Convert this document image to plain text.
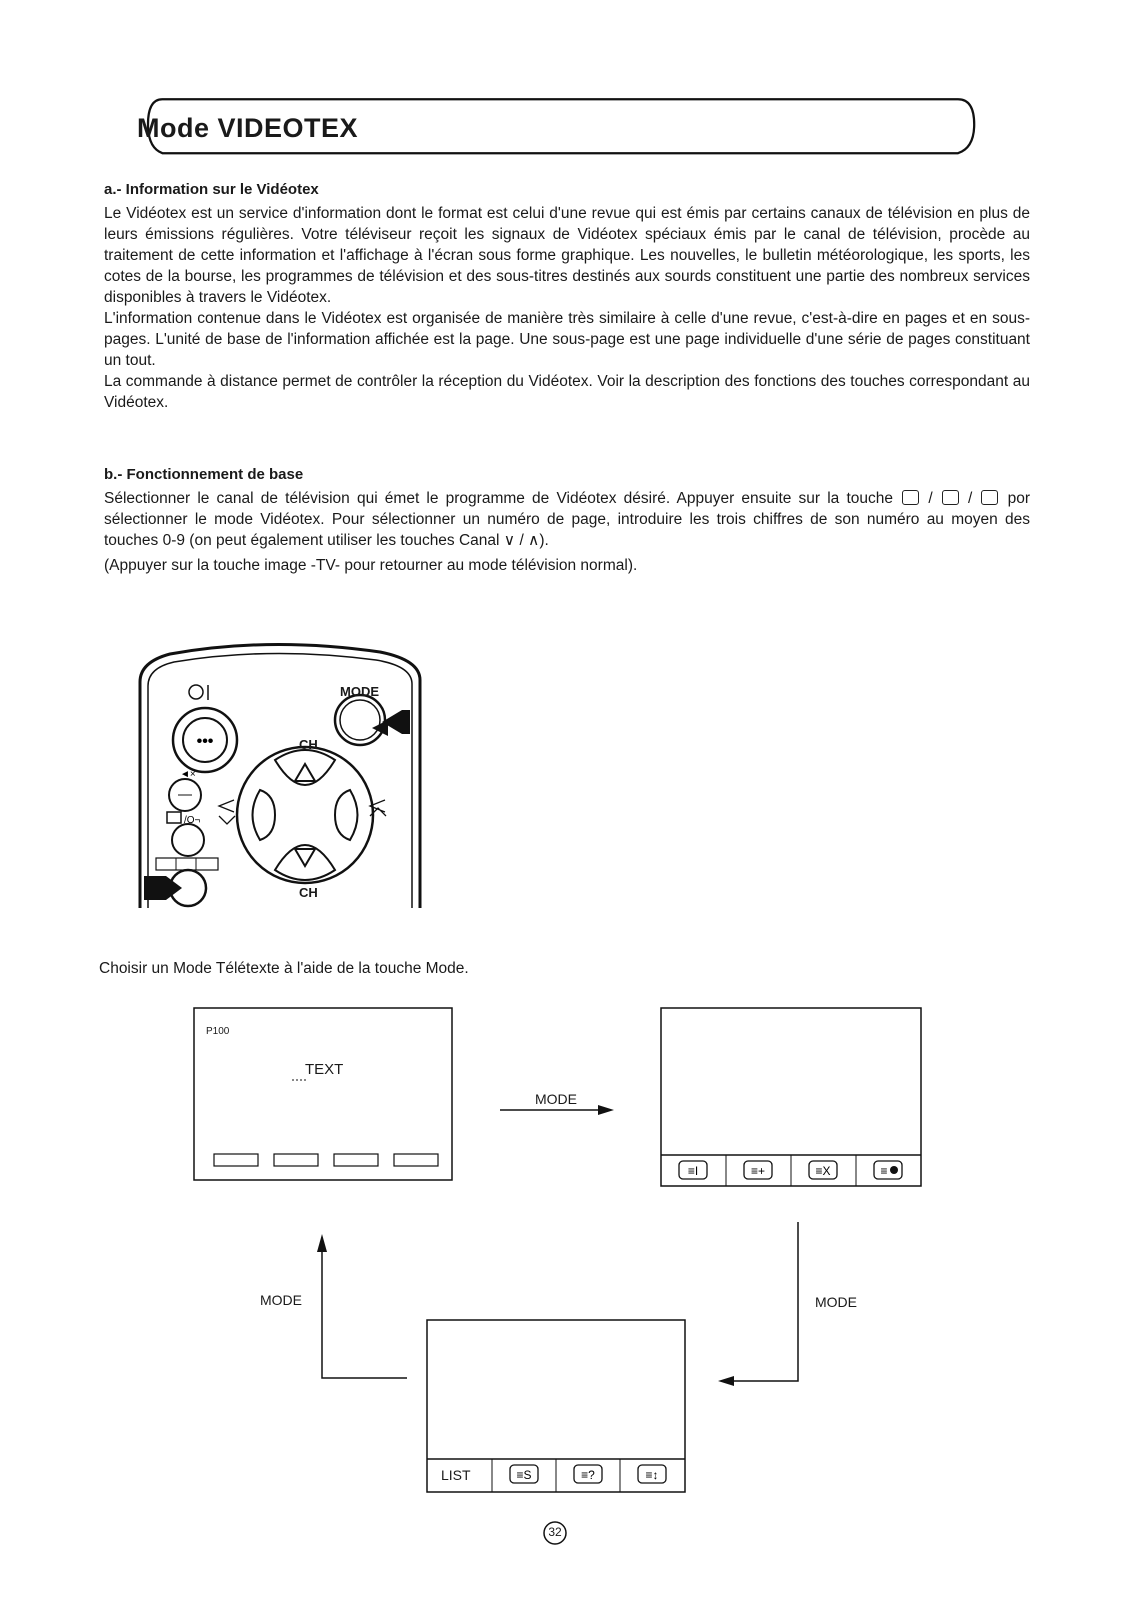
Mode VIDEOTEX
a.- Information sur le Vidéotex

Le Vidéotex est un service d'information dont le format est celui d'une revue qui est émis par certains canaux de télévision en plus de leurs émissions régulières. Votre téléviseur reçoit les signaux de Vidéotex spéciaux émis par le canal de télévision, procède au traitement de cette information et l'affichage à l'écran sous forme graphique. Les nouvelles, le bulletin météorologique, les sports, les cotes de la bourse, les programmes de télévision et des sous-titres destinés aux sourds constituent une partie des nombreux services disponibles à travers le Vidéotex.

L'information contenue dans le Vidéotex est organisée de manière très similaire à celle d'une revue, c'est-à-dire en pages et en sous-pages. L'unité de base de l'information affichée est la page. Une sous-page est une page individuelle d'une série de pages constituant un tout.

La commande à distance permet de contrôler la réception du Vidéotex. Voir la description des fonctions des touches correspondant au Vidéotex.

b.- Fonctionnement de base

Sélectionner le canal de télévision qui émet le programme de Vidéotex désiré. Appuyer ensuite sur la touche  /  /  por sélectionner le mode Vidéotex. Pour sélectionner un numéro de page, introduire les trois chiffres de son numéro au moyen des touches 0-9 (on peut également utiliser les touches Canal ∨ / ∧).

(Appuyer sur la touche image -TV- pour retourner au mode télévision normal).

•••
◄×
/O¬
MODE
CH
CH
Choisir un Mode Télétexte à l'aide de la touche Mode.
≡I	≡+	≡X	≡
≡S	≡?	≡↕
P100
TEXT
MODE
MODE	MODE
LIST
32
